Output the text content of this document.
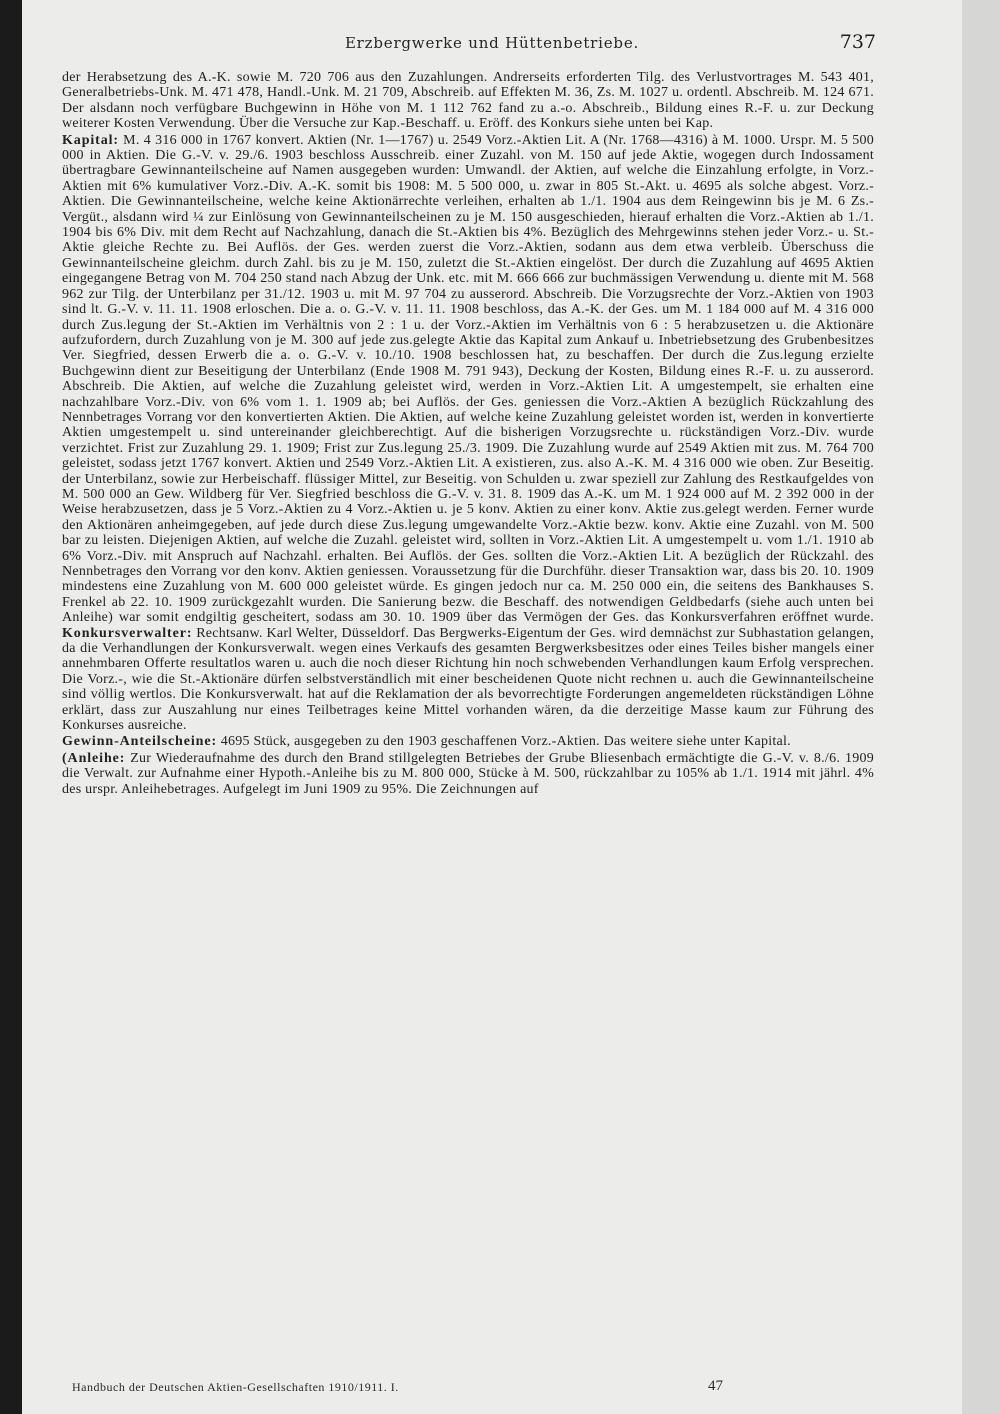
Erzbergwerke und Hüttenbetriebe.	737

der Herabsetzung des A.-K. sowie M. 720 706 aus den Zuzahlungen. Andrerseits erforderten Tilg. des Verlustvortrages M. 543 401, Generalbetriebs-Unk. M. 471 478, Handl.-Unk. M. 21 709, Abschreib. auf Effekten M. 36, Zs. M. 1027 u. ordentl. Abschreib. M. 124 671. Der alsdann noch verfügbare Buchgewinn in Höhe von M. 1 112 762 fand zu a.-o. Abschreib., Bildung eines R.-F. u. zur Deckung weiterer Kosten Verwendung. Über die Versuche zur Kap.-Beschaff. u. Eröff. des Konkurs siehe unten bei Kap.

Kapital: M. 4 316 000 in 1767 konvert. Aktien (Nr. 1—1767) u. 2549 Vorz.-Aktien Lit. A (Nr. 1768—4316) à M. 1000. Urspr. M. 5 500 000 in Aktien. Die G.-V. v. 29./6. 1903 beschloss Ausschreib. einer Zuzahl. von M. 150 auf jede Aktie, wogegen durch Indossament übertragbare Gewinnanteilscheine auf Namen ausgegeben wurden: Umwandl. der Aktien, auf welche die Einzahlung erfolgte, in Vorz.-Aktien mit 6% kumulativer Vorz.-Div. A.-K. somit bis 1908: M. 5 500 000, u. zwar in 805 St.-Akt. u. 4695 als solche abgest. Vorz.-Aktien. Die Gewinnanteilscheine, welche keine Aktionärrechte verleihen, erhalten ab 1./1. 1904 aus dem Reingewinn bis je M. 6 Zs.-Vergüt., alsdann wird ¼ zur Einlösung von Gewinnanteilscheinen zu je M. 150 ausgeschieden, hierauf erhalten die Vorz.-Aktien ab 1./1. 1904 bis 6% Div. mit dem Recht auf Nachzahlung, danach die St.-Aktien bis 4%. Bezüglich des Mehrgewinns stehen jeder Vorz.- u. St.-Aktie gleiche Rechte zu. Bei Auflös. der Ges. werden zuerst die Vorz.-Aktien, sodann aus dem etwa verbleib. Überschuss die Gewinnanteilscheine gleichm. durch Zahl. bis zu je M. 150, zuletzt die St.-Aktien eingelöst. Der durch die Zuzahlung auf 4695 Aktien eingegangene Betrag von M. 704 250 stand nach Abzug der Unk. etc. mit M. 666 666 zur buchmässigen Verwendung u. diente mit M. 568 962 zur Tilg. der Unterbilanz per 31./12. 1903 u. mit M. 97 704 zu ausserord. Abschreib. Die Vorzugsrechte der Vorz.-Aktien von 1903 sind lt. G.-V. v. 11. 11. 1908 erloschen. Die a. o. G.-V. v. 11. 11. 1908 beschloss, das A.-K. der Ges. um M. 1 184 000 auf M. 4 316 000 durch Zus.legung der St.-Aktien im Verhältnis von 2 : 1 u. der Vorz.-Aktien im Verhältnis von 6 : 5 herabzusetzen u. die Aktionäre aufzufordern, durch Zuzahlung von je M. 300 auf jede zus.gelegte Aktie das Kapital zum Ankauf u. Inbetriebsetzung des Grubenbesitzes Ver. Siegfried, dessen Erwerb die a. o. G.-V. v. 10./10. 1908 beschlossen hat, zu beschaffen. Der durch die Zus.legung erzielte Buchgewinn dient zur Beseitigung der Unterbilanz (Ende 1908 M. 791 943), Deckung der Kosten, Bildung eines R.-F. u. zu ausserord. Abschreib. Die Aktien, auf welche die Zuzahlung geleistet wird, werden in Vorz.-Aktien Lit. A umgestempelt, sie erhalten eine nachzahlbare Vorz.-Div. von 6% vom 1. 1. 1909 ab; bei Auflös. der Ges. geniessen die Vorz.-Aktien A bezüglich Rückzahlung des Nennbetrages Vorrang vor den konvertierten Aktien. Die Aktien, auf welche keine Zuzahlung geleistet worden ist, werden in konvertierte Aktien umgestempelt u. sind untereinander gleichberechtigt. Auf die bisherigen Vorzugsrechte u. rückständigen Vorz.-Div. wurde verzichtet. Frist zur Zuzahlung 29. 1. 1909; Frist zur Zus.legung 25./3. 1909. Die Zuzahlung wurde auf 2549 Aktien mit zus. M. 764 700 geleistet, sodass jetzt 1767 konvert. Aktien und 2549 Vorz.-Aktien Lit. A existieren, zus. also A.-K. M. 4 316 000 wie oben. Zur Beseitig. der Unterbilanz, sowie zur Herbeischaff. flüssiger Mittel, zur Beseitig. von Schulden u. zwar speziell zur Zahlung des Restkaufgeldes von M. 500 000 an Gew. Wildberg für Ver. Siegfried beschloss die G.-V. v. 31. 8. 1909 das A.-K. um M. 1 924 000 auf M. 2 392 000 in der Weise herabzusetzen, dass je 5 Vorz.-Aktien zu 4 Vorz.-Aktien u. je 5 konv. Aktien zu einer konv. Aktie zus.gelegt werden. Ferner wurde den Aktionären anheimgegeben, auf jede durch diese Zus.legung umgewandelte Vorz.-Aktie bezw. konv. Aktie eine Zuzahl. von M. 500 bar zu leisten. Diejenigen Aktien, auf welche die Zuzahl. geleistet wird, sollten in Vorz.-Aktien Lit. A umgestempelt u. vom 1./1. 1910 ab 6% Vorz.-Div. mit Anspruch auf Nachzahl. erhalten. Bei Auflös. der Ges. sollten die Vorz.-Aktien Lit. A bezüglich der Rückzahl. des Nennbetrages den Vorrang vor den konv. Aktien geniessen. Voraussetzung für die Durchführ. dieser Transaktion war, dass bis 20. 10. 1909 mindestens eine Zuzahlung von M. 600 000 geleistet würde. Es gingen jedoch nur ca. M. 250 000 ein, die seitens des Bankhauses S. Frenkel ab 22. 10. 1909 zurückgezahlt wurden. Die Sanierung bezw. die Beschaff. des notwendigen Geldbedarfs (siehe auch unten bei Anleihe) war somit endgiltig gescheitert, sodass am 30. 10. 1909 über das Vermögen der Ges. das Konkursverfahren eröffnet wurde. Konkursverwalter: Rechtsanw. Karl Welter, Düsseldorf. Das Bergwerks-Eigentum der Ges. wird demnächst zur Subhastation gelangen, da die Verhandlungen der Konkursverwalt. wegen eines Verkaufs des gesamten Bergwerksbesitzes oder eines Teiles bisher mangels einer annehmbaren Offerte resultatlos waren u. auch die noch dieser Richtung hin noch schwebenden Verhandlungen kaum Erfolg versprechen. Die Vorz.-, wie die St.-Aktionäre dürfen selbstverständlich mit einer bescheidenen Quote nicht rechnen u. auch die Gewinnanteilscheine sind völlig wertlos. Die Konkursverwalt. hat auf die Reklamation der als bevorrechtigte Forderungen angemeldeten rückständigen Löhne erklärt, dass zur Auszahlung nur eines Teilbetrages keine Mittel vorhanden wären, da die derzeitige Masse kaum zur Führung des Konkurses ausreiche.

Gewinn-Anteilscheine: 4695 Stück, ausgegeben zu den 1903 geschaffenen Vorz.-Aktien. Das weitere siehe unter Kapital.

(Anleihe: Zur Wiederaufnahme des durch den Brand stillgelegten Betriebes der Grube Bliesenbach ermächtigte die G.-V. v. 8./6. 1909 die Verwalt. zur Aufnahme einer Hypoth.-Anleihe bis zu M. 800 000, Stücke à M. 500, rückzahlbar zu 105% ab 1./1. 1914 mit jährl. 4% des urspr. Anleihebetrages. Aufgelegt im Juni 1909 zu 95%. Die Zeichnungen auf

Handbuch der Deutschen Aktien-Gesellschaften 1910/1911. I.	47
